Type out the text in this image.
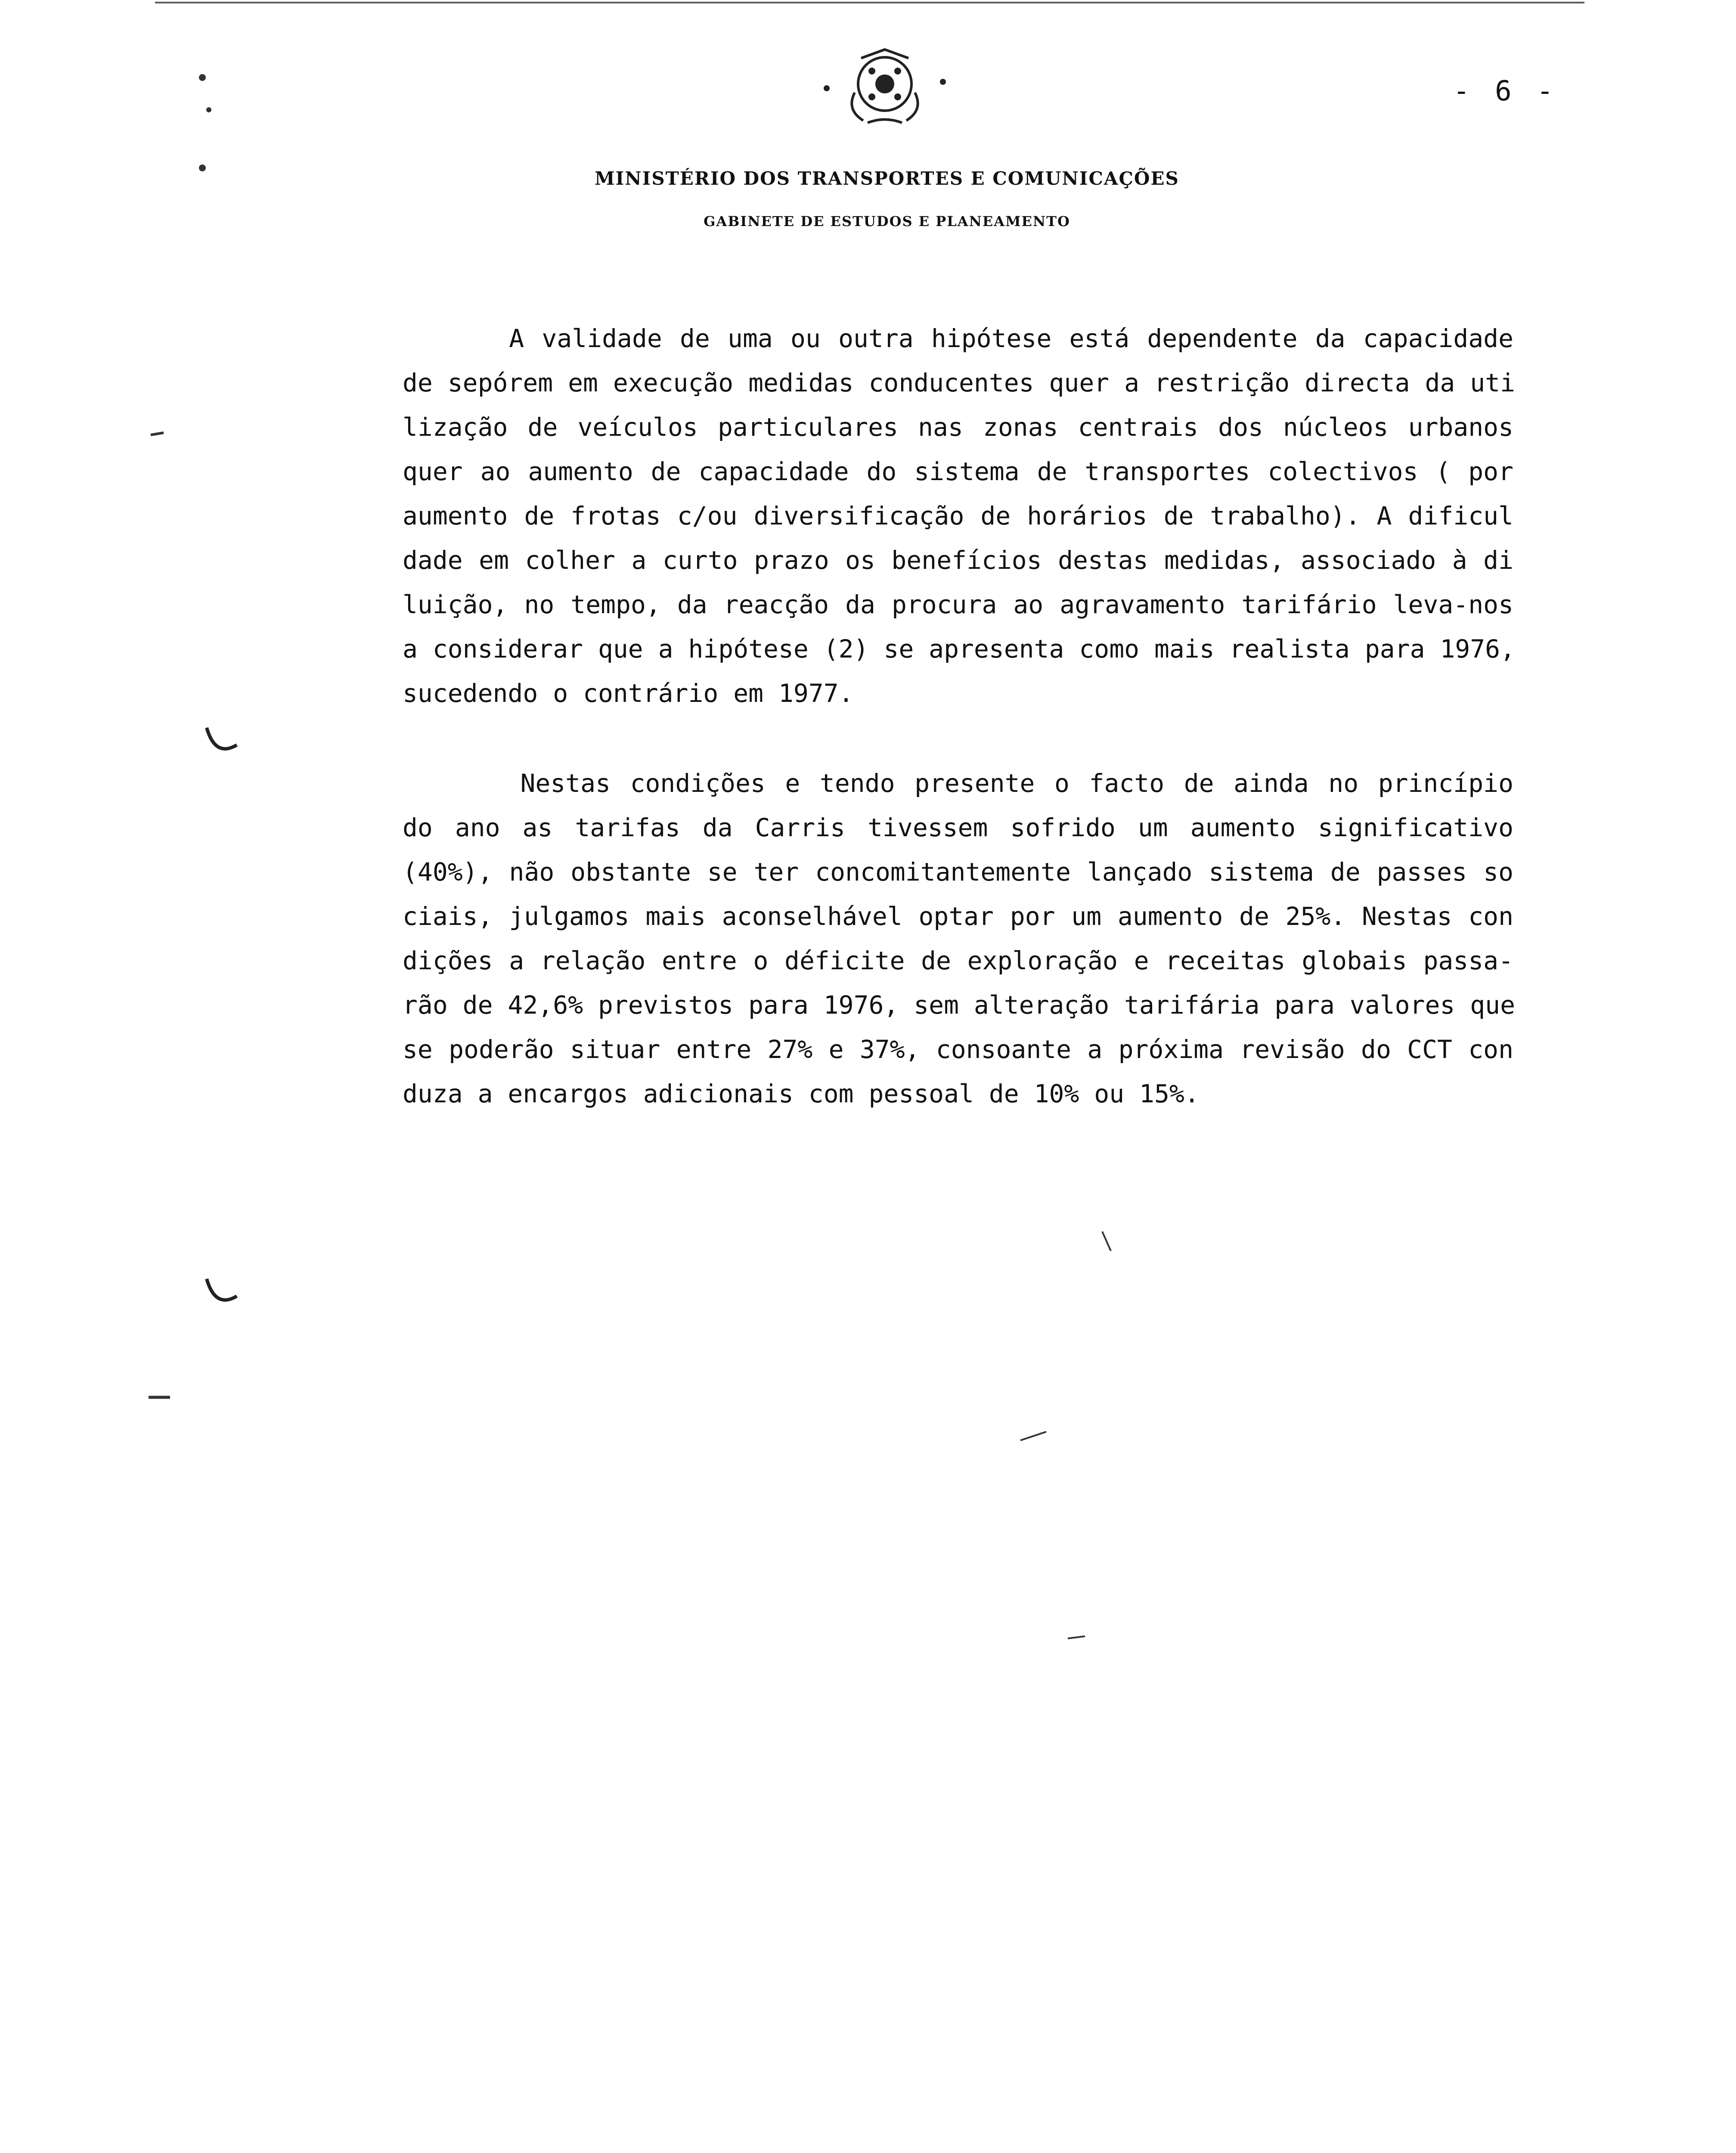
- 6 -
MINISTÉRIO DOS TRANSPORTES E COMUNICAÇÕES
GABINETE DE ESTUDOS E PLANEAMENTO
A validade de uma ou outra hipótese está dependente da capacidade
de sepórem em execução medidas conducentes quer a restrição directa da uti
lização de veículos particulares nas zonas centrais dos núcleos urbanos
quer ao aumento de capacidade do sistema de transportes colectivos ( por
aumento de frotas c/ou diversificação de horários de trabalho). A dificul
dade em colher a curto prazo os benefícios destas medidas, associado à di
luição, no tempo, da reacção da procura ao agravamento tarifário leva-nos
a considerar que a hipótese (2) se apresenta como mais realista para 1976,
sucedendo o contrário em 1977.
Nestas condições e tendo presente o facto de ainda no princípio
do ano as tarifas da Carris tivessem sofrido um aumento significativo
(40%), não obstante se ter concomitantemente lançado sistema de passes so
ciais, julgamos mais aconselhável optar por um aumento de 25%. Nestas con
dições a relação entre o déficite de exploração e receitas globais passa-
rão de 42,6% previstos para 1976, sem alteração tarifária para valores que
se poderão situar entre 27% e 37%, consoante a próxima revisão do CCT con
duza a encargos adicionais com pessoal de 10% ou 15%.
